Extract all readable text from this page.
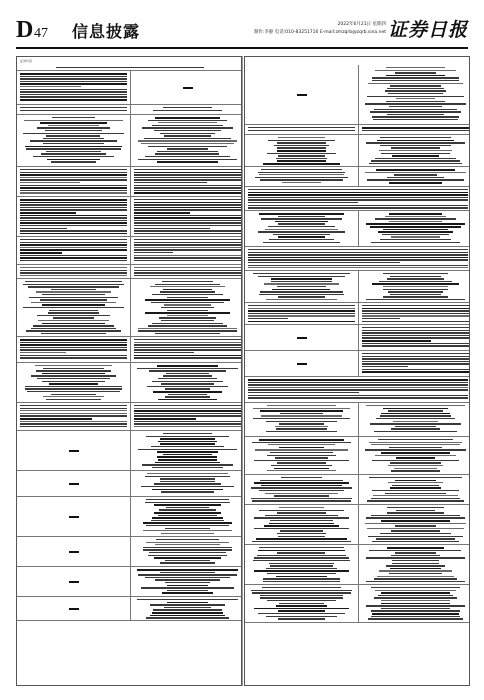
D 47 信息披露	2022年6月21日 星期四
制作:李静 电话:010-83251716 E-mail:zmzqrb@zqrb.sina.net 证券日报
证券代码
